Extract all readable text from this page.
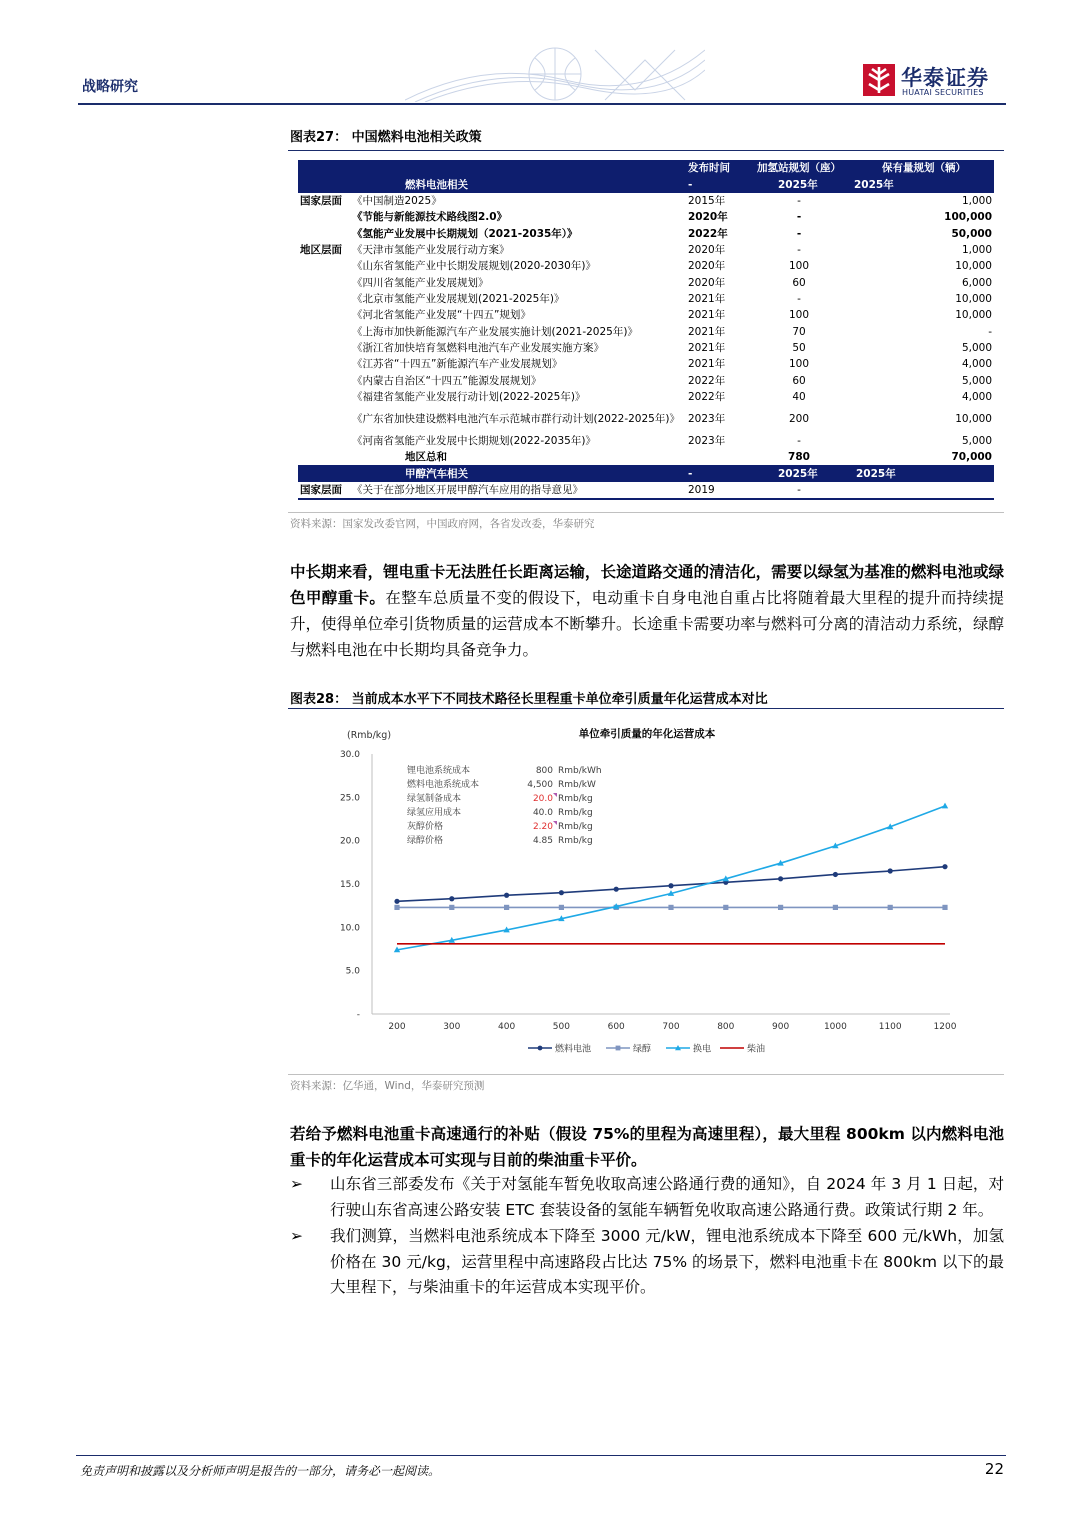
战略研究	华泰证券
HUATAI SECURITIES
图表27： 中国燃料电池相关政策
		发布时间	加氢站规划（座）	保有量规划（辆）
	燃料电池相关	-	2025年	2025年
国家层面	《中国制造2025》	2015年	-	1,000
	《节能与新能源技术路线图2.0》	2020年	-	100,000
	《氢能产业发展中长期规划（2021-2035年）》	2022年	-	50,000
地区层面	《天津市氢能产业发展行动方案》	2020年	-	1,000
	《山东省氢能产业中长期发展规划(2020-2030年)》	2020年	100	10,000
	《四川省氢能产业发展规划》	2020年	60	6,000
	《北京市氢能产业发展规划(2021-2025年)》	2021年	-	10,000
	《河北省氢能产业发展“十四五”规划》	2021年	100	10,000
	《上海市加快新能源汽车产业发展实施计划(2021-2025年)》	2021年	70	-
	《浙江省加快培育氢燃料电池汽车产业发展实施方案》	2021年	50	5,000
	《江苏省“十四五”新能源汽车产业发展规划》	2021年	100	4,000
	《内蒙古自治区“十四五”能源发展规划》	2022年	60	5,000
	《福建省氢能产业发展行动计划(2022-2025年)》	2022年	40	4,000
	《广东省加快建设燃料电池汽车示范城市群行动计划(2022-2025年)》	2023年	200	10,000
	《河南省氢能产业发展中长期规划(2022-2035年)》	2023年	-	5,000
	地区总和		780	70,000
	甲醇汽车相关	-	2025年	2025年
国家层面	《关于在部分地区开展甲醇汽车应用的指导意见》	2019	-	
资料来源：国家发改委官网，中国政府网，各省发改委，华泰研究
中长期来看，锂电重卡无法胜任长距离运输，长途道路交通的清洁化，需要以绿氢为基准的燃料电池或绿色甲醇重卡。在整车总质量不变的假设下，电动重卡自身电池自重占比将随着最大里程的提升而持续提升，使得单位牵引货物质量的运营成本不断攀升。长途重卡需要功率与燃料可分离的清洁动力系统，绿醇与燃料电池在中长期均具备竞争力。
图表28： 当前成本水平下不同技术路径长里程重卡单位牵引质量年化运营成本对比
单位牵引质量的年化运营成本
(Rmb/kg)
-
5.0
10.0
15.0
20.0
25.0
30.0
200	300	400	500	600	700	800	900	1000	1100	1200
锂电池系统成本	800 Rmb/kWh
燃料电池系统成本	4,500 Rmb/kW
绿氢制备成本	20.0 Rmb/kg
绿氢应用成本	40.0 Rmb/kg
灰醇价格	2.20 Rmb/kg
绿醇价格	4.85 Rmb/kg
燃料电池	绿醇	换电	柴油
资料来源：亿华通，Wind，华泰研究预测
若给予燃料电池重卡高速通行的补贴（假设 75%的里程为高速里程），最大里程 800km 以内燃料电池重卡的年化运营成本可实现与目前的柴油重卡平价。
➢ 山东省三部委发布《关于对氢能车暂免收取高速公路通行费的通知》，自 2024 年 3 月 1 日起，对行驶山东省高速公路安装 ETC 套装设备的氢能车辆暂免收取高速公路通行费。政策试行期 2 年。
➢ 我们测算，当燃料电池系统成本下降至 3000 元/kW，锂电池系统成本下降至 600 元/kWh，加氢价格在 30 元/kg，运营里程中高速路段占比达 75% 的场景下，燃料电池重卡在 800km 以下的最大里程下，与柴油重卡的年运营成本实现平价。
免责声明和披露以及分析师声明是报告的一部分，请务必一起阅读。	22
